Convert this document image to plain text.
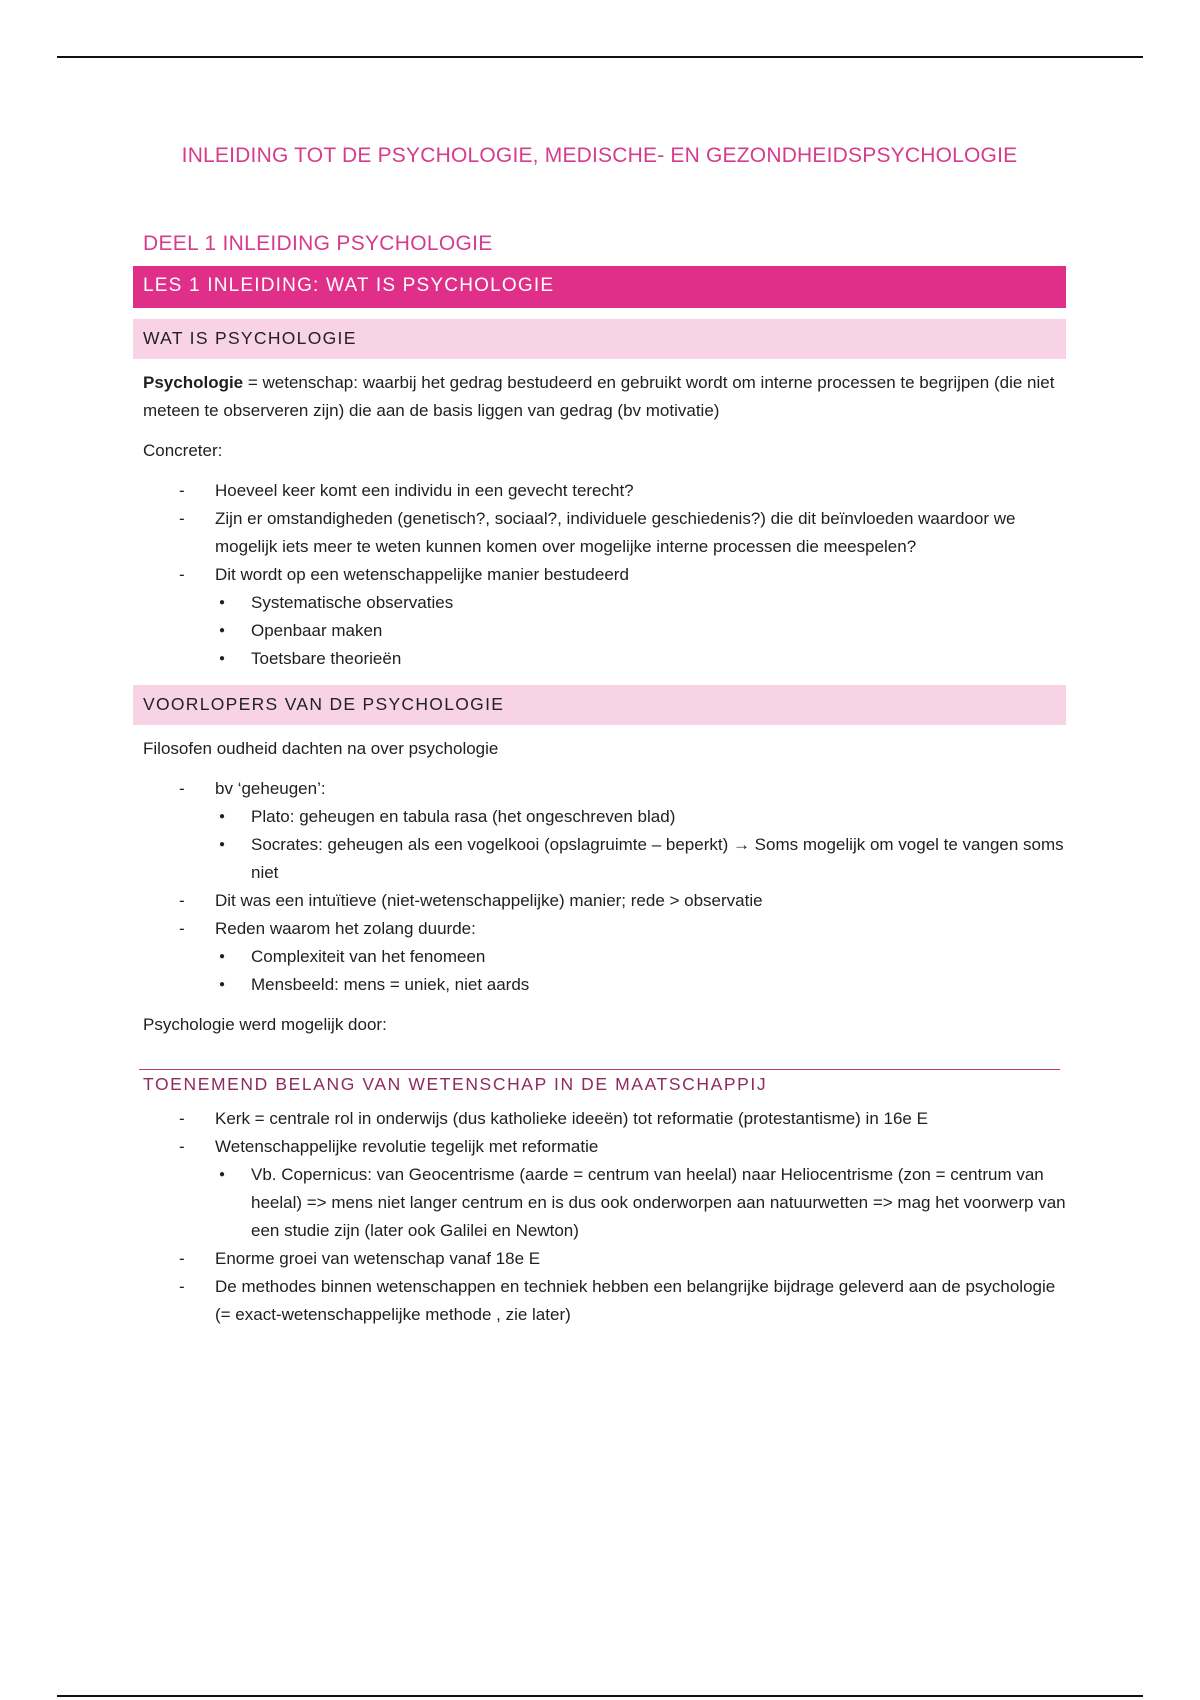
INLEIDING TOT DE PSYCHOLOGIE, MEDISCHE- EN GEZONDHEIDSPSYCHOLOGIE
DEEL 1 INLEIDING PSYCHOLOGIE
LES 1 INLEIDING: WAT IS PSYCHOLOGIE
WAT IS PSYCHOLOGIE

Psychologie = wetenschap: waarbij het gedrag bestudeerd en gebruikt wordt om interne processen te begrijpen (die niet meteen te observeren zijn) die aan de basis liggen van gedrag (bv motivatie)

Concreter:

- Hoeveel keer komt een individu in een gevecht terecht?
- Zijn er omstandigheden (genetisch?, sociaal?, individuele geschiedenis?) die dit beïnvloeden waardoor we mogelijk iets meer te weten kunnen komen over mogelijke interne processen die meespelen?
- Dit wordt op een wetenschappelijke manier bestudeerd
● Systematische observaties
● Openbaar maken
● Toetsbare theorieën
VOORLOPERS VAN DE PSYCHOLOGIE

Filosofen oudheid dachten na over psychologie

- bv ‘geheugen’:
● Plato: geheugen en tabula rasa (het ongeschreven blad)
● Socrates: geheugen als een vogelkooi (opslagruimte – beperkt) → Soms mogelijk om vogel te vangen soms niet
- Dit was een intuïtieve (niet-wetenschappelijke) manier; rede > observatie
- Reden waarom het zolang duurde:
● Complexiteit van het fenomeen
● Mensbeeld: mens = uniek, niet aards

Psychologie werd mogelijk door:

TOENEMEND BELANG VAN WETENSCHAP IN DE MAATSCHAPPIJ
- Kerk = centrale rol in onderwijs (dus katholieke ideeën) tot reformatie (protestantisme) in 16e E
- Wetenschappelijke revolutie tegelijk met reformatie
● Vb. Copernicus: van Geocentrisme (aarde = centrum van heelal) naar Heliocentrisme (zon = centrum van heelal) => mens niet langer centrum en is dus ook onderworpen aan natuurwetten => mag het voorwerp van een studie zijn (later ook Galilei en Newton)
- Enorme groei van wetenschap vanaf 18e E
- De methodes binnen wetenschappen en techniek hebben een belangrijke bijdrage geleverd aan de psychologie (= exact-wetenschappelijke methode , zie later)
